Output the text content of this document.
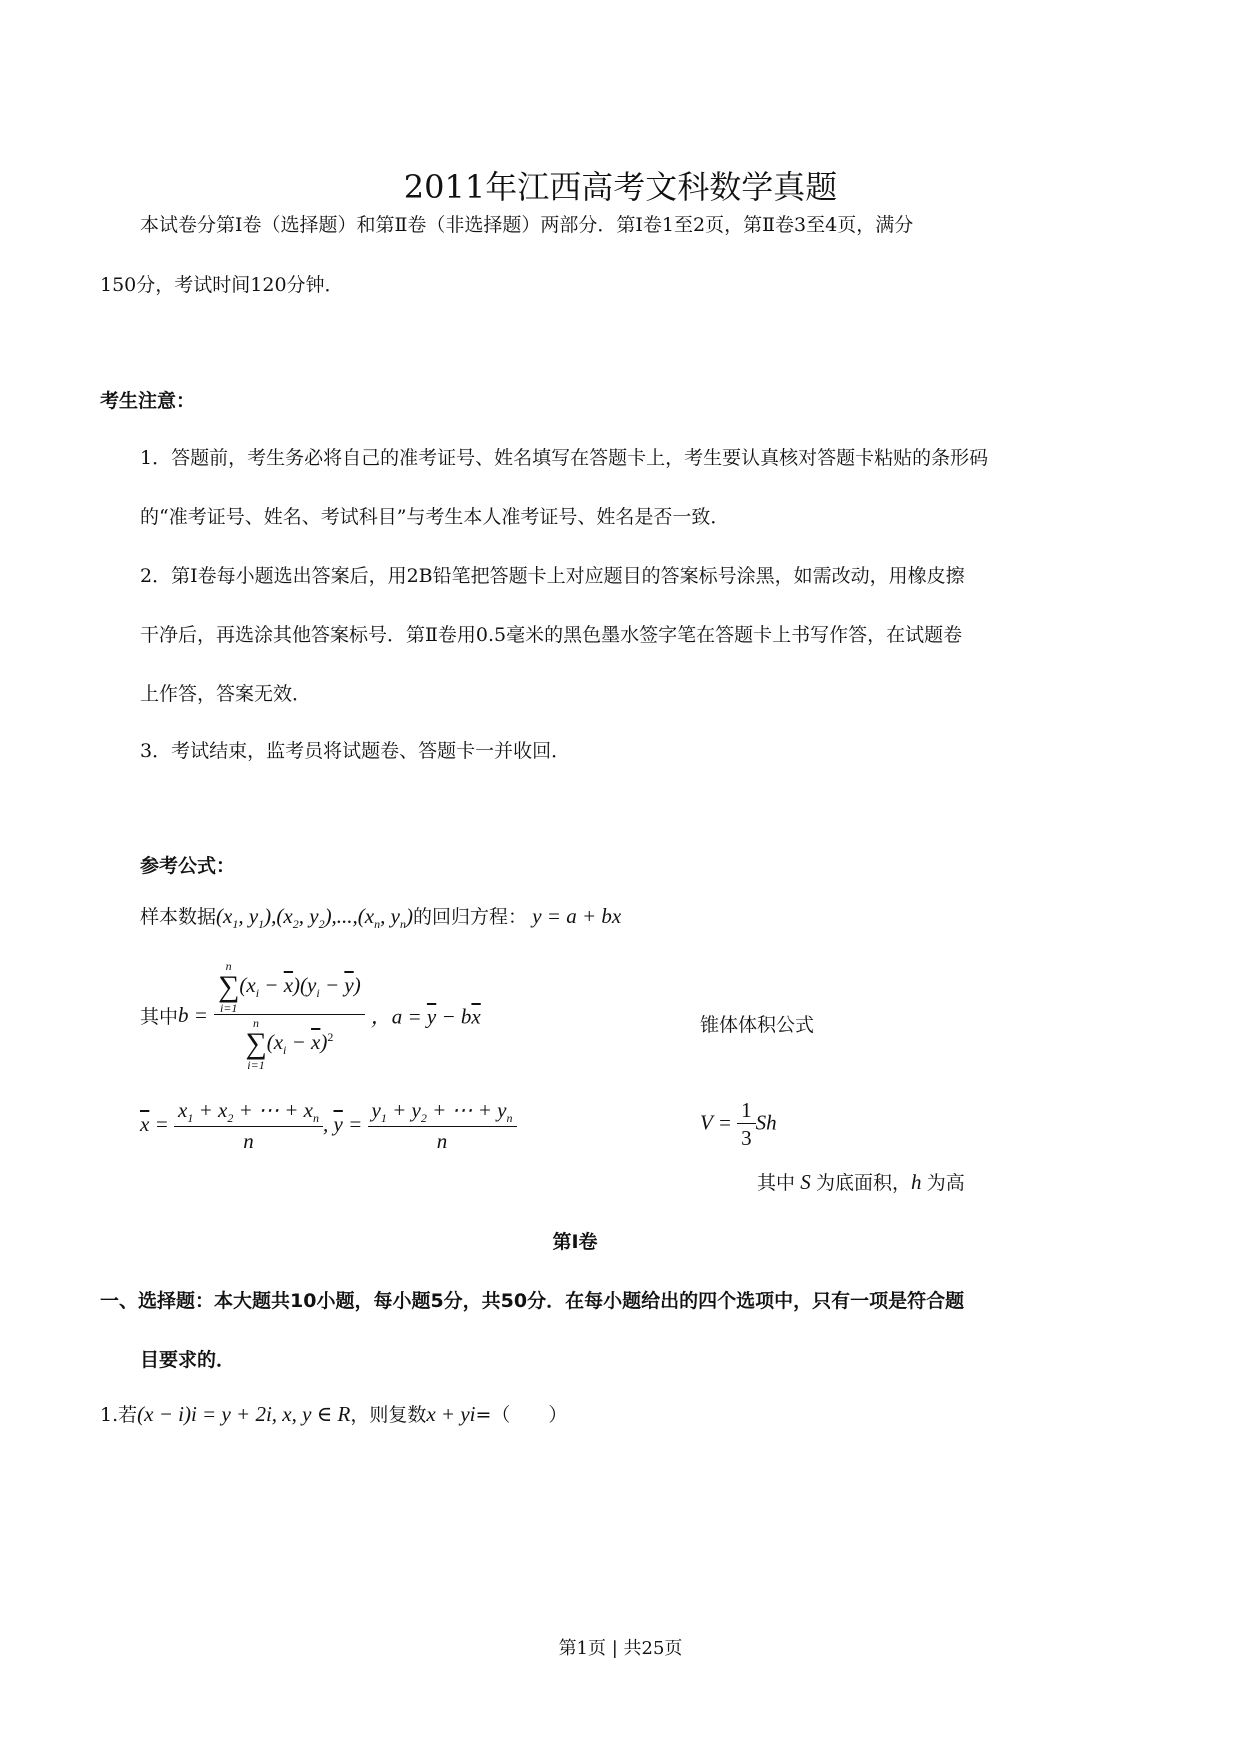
2011年江西高考文科数学真题
本试卷分第Ⅰ卷（选择题）和第Ⅱ卷（非选择题）两部分．第Ⅰ卷1至2页，第Ⅱ卷3至4页，满分
150分，考试时间120分钟．
考生注意：
1．答题前，考生务必将自己的准考证号、姓名填写在答题卡上，考生要认真核对答题卡粘贴的条形码
的“准考证号、姓名、考试科目”与考生本人准考证号、姓名是否一致．
2．第Ⅰ卷每小题选出答案后，用2B铅笔把答题卡上对应题目的答案标号涂黑，如需改动，用橡皮擦
干净后，再选涂其他答案标号．第Ⅱ卷用0.5毫米的黑色墨水签字笔在答题卡上书写作答，在试题卷
上作答，答案无效．
3．考试结束，监考员将试题卷、答题卡一并收回．
参考公式：
样本数据($x_1$, $y_1),(x_2$, $y_2),...,(x_n$, $y_n$)的回归方程： y = a + bx
其中b = n
∑
i=1
$(x_i - \overline{x})(y_i - \overline{y})$
n
∑
i=1
$(x_i - \overline{x})^2$ ，$a = \overline{y} - b\overline{x}$	锥体体积公式
$\overline{x} = \frac{x_1 + x_2 + \cdots + x_n}{n}$ , $\overline{y} = \frac{y_1 + y_2 + \cdots + y_n}{n}$	$V = \frac{1}{3}$ Sh
其中 S 为底面积，h 为高
第Ⅰ卷
一、选择题：本大题共10小题，每小题5分，共50分．在每小题给出的四个选项中，只有一项是符合题
目要求的．
1.若(x − i)i = y + 2i, x, y ∈ R，则复数x + yi=（　　）
第1页 | 共25页
